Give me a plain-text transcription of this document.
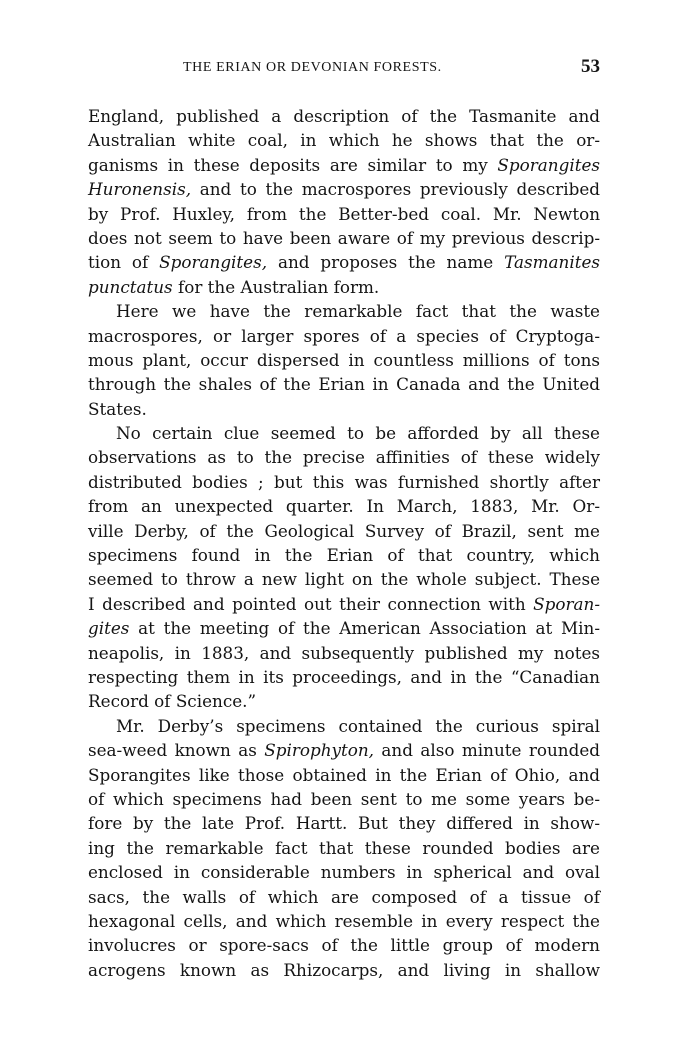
THE ERIAN OR DEVONIAN FORESTS.	53
England, published a description of the Tasmanite and
Australian white coal, in which he shows that the or-
ganisms in these deposits are similar to my Sporangites
Huronensis, and to the macrospores previously described
by Prof. Huxley, from the Better-bed coal. Mr. Newton
does not seem to have been aware of my previous descrip-
tion of Sporangites, and proposes the name Tasmanites
punctatus for the Australian form.
Here we have the remarkable fact that the waste
macrospores, or larger spores of a species of Cryptoga-
mous plant, occur dispersed in countless millions of tons
through the shales of the Erian in Canada and the United
States.
No certain clue seemed to be afforded by all these
observations as to the precise affinities of these widely
distributed bodies ; but this was furnished shortly after
from an unexpected quarter. In March, 1883, Mr. Or-
ville Derby, of the Geological Survey of Brazil, sent me
specimens found in the Erian of that country, which
seemed to throw a new light on the whole subject. These
I described and pointed out their connection with Sporan-
gites at the meeting of the American Association at Min-
neapolis, in 1883, and subsequently published my notes
respecting them in its proceedings, and in the “Canadian
Record of Science.”
Mr. Derby’s specimens contained the curious spiral
sea-weed known as Spirophyton, and also minute rounded
Sporangites like those obtained in the Erian of Ohio, and
of which specimens had been sent to me some years be-
fore by the late Prof. Hartt. But they differed in show-
ing the remarkable fact that these rounded bodies are
enclosed in considerable numbers in spherical and oval
sacs, the walls of which are composed of a tissue of
hexagonal cells, and which resemble in every respect the
involucres or spore-sacs of the little group of modern
acrogens known as Rhizocarps, and living in shallow
